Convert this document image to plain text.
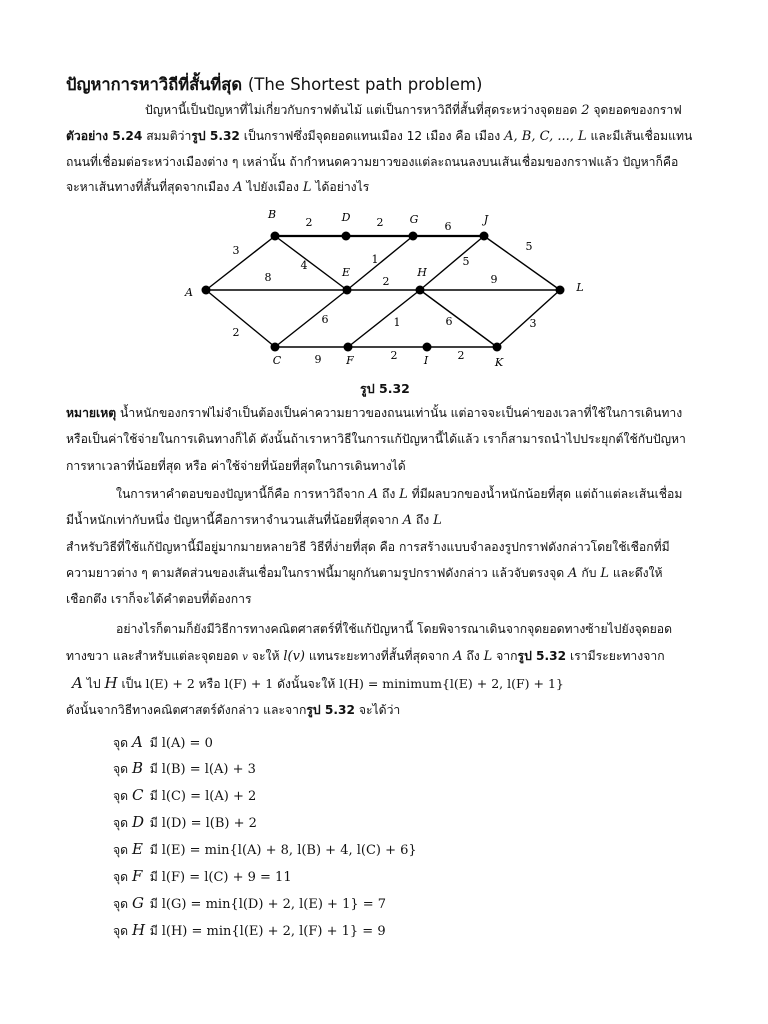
ปัญหาการหาวิถีที่สั้นที่สุด (The Shortest path problem)
ปัญหานี้เป็นปัญหาที่ไม่เกี่ยวกับกราฟต้นไม้ แต่เป็นการหาวิถีที่สั้นที่สุดระหว่างจุดยอด 2 จุดยอดของกราฟ
ตัวอย่าง 5.24 สมมติว่ารูป 5.32 เป็นกราฟซึ่งมีจุดยอดแทนเมือง 12 เมือง คือ เมือง A, B, C, ..., L และมีเส้นเชื่อมแทน
ถนนที่เชื่อมต่อระหว่างเมืองต่าง ๆ เหล่านั้น ถ้ากำหนดความยาวของแต่ละถนนลงบนเส้นเชื่อมของกราฟแล้ว ปัญหาก็คือ
จะหาเส้นทางที่สั้นที่สุดจากเมือง A ไปยังเมือง L ได้อย่างไร
3
8
2
2	2	6
4
6
9
1
2
1
5
9
6
2	2
5
3
A
B
C
D
E
F
G
H
I
J
K
L
รูป 5.32
หมายเหตุ น้ำหนักของกราฟไม่จำเป็นต้องเป็นค่าความยาวของถนนเท่านั้น แต่อาจจะเป็นค่าของเวลาที่ใช้ในการเดินทาง
หรือเป็นค่าใช้จ่ายในการเดินทางก็ได้ ดังนั้นถ้าเราหาวิธีในการแก้ปัญหานี้ได้แล้ว เราก็สามารถนำไปประยุกต์ใช้กับปัญหา
การหาเวลาที่น้อยที่สุด หรือ ค่าใช้จ่ายที่น้อยที่สุดในการเดินทางได้
ในการหาคำตอบของปัญหานี้ก็คือ การหาวิถีจาก A ถึง L ที่มีผลบวกของน้ำหนักน้อยที่สุด แต่ถ้าแต่ละเส้นเชื่อม
มีน้ำหนักเท่ากับหนึ่ง ปัญหานี้คือการหาจำนวนเส้นที่น้อยที่สุดจาก A ถึง L
สำหรับวิธีที่ใช้แก้ปัญหานี้มีอยู่มากมายหลายวิธี วิธีที่ง่ายที่สุด คือ การสร้างแบบจำลองรูปกราฟดังกล่าวโดยใช้เชือกที่มี
ความยาวต่าง ๆ ตามสัดส่วนของเส้นเชื่อมในกราฟนี้มาผูกกันตามรูปกราฟดังกล่าว แล้วจับตรงจุด A กับ L และดึงให้
เชือกตึง เราก็จะได้คำตอบที่ต้องการ
อย่างไรก็ตามก็ยังมีวิธีการทางคณิตศาสตร์ที่ใช้แก้ปัญหานี้ โดยพิจารณาเดินจากจุดยอดทางซ้ายไปยังจุดยอด
ทางขวา และสำหรับแต่ละจุดยอด v จะให้ l(v) แทนระยะทางที่สั้นที่สุดจาก A ถึง L จากรูป 5.32 เรามีระยะทางจาก
A ไป H เป็น l(E) + 2 หรือ l(F) + 1 ดังนั้นจะให้ l(H) = minimum{l(E) + 2, l(F) + 1}
ดังนั้นจากวิธีทางคณิตศาสตร์ดังกล่าว และจากรูป 5.32 จะได้ว่า
จุด A มี l(A) = 0
จุด B มี l(B) = l(A) + 3
จุด C มี l(C) = l(A) + 2
จุด D มี l(D) = l(B) + 2
จุด E มี l(E) = min{l(A) + 8, l(B) + 4, l(C) + 6}
จุด F มี l(F) = l(C) + 9 = 11
จุด G มี l(G) = min{l(D) + 2, l(E) + 1} = 7
จุด H มี l(H) = min{l(E) + 2, l(F) + 1} = 9
